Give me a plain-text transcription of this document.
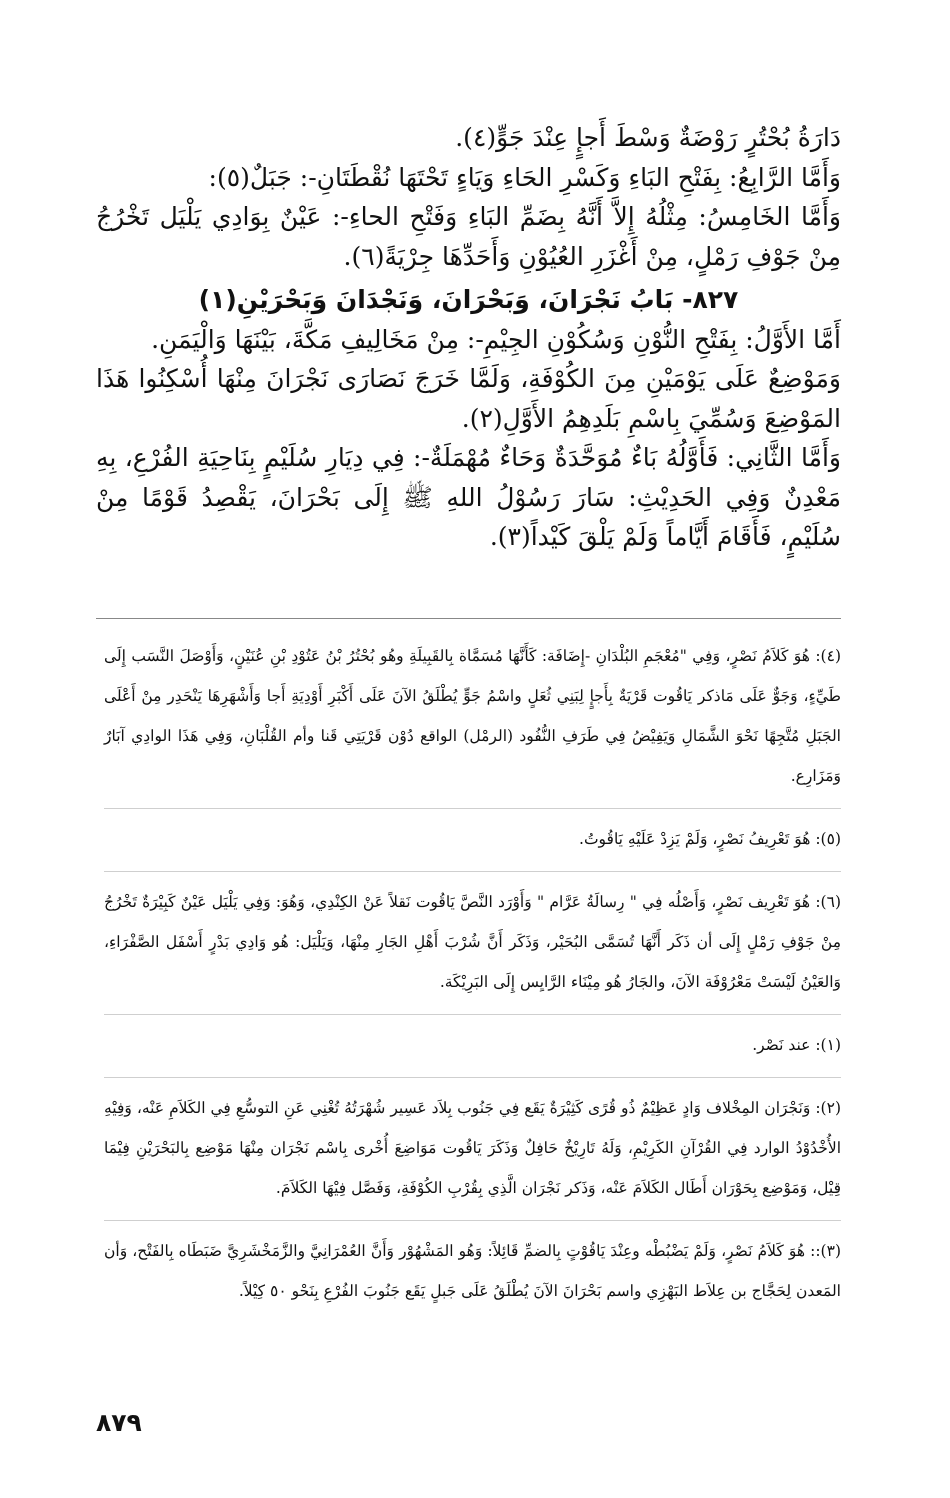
دَارَةُ بُحْتُرٍ رَوْضَةٌ وَسْطَ أَجإٍ عِنْدَ جَوٍّ(٤).

وَأَمَّا الرَّابِعُ: بِفَتْحِ البَاءِ وَكَسْرِ الحَاءِ وَيَاءٍ تَحْتَهَا نُقْطَتَانِ-: جَبَلٌ(٥):

وَأَمَّا الخَامِسُ: مِثْلُهُ إِلاَّ أَنَّهُ بِضَمِّ البَاءِ وَفَتْحِ الحاءِ-: عَيْنٌ بِوَادِي يَلْيَل تَخْرُجُ مِنْ جَوْفِ رَمْلٍ، مِنْ أَغْزَرِ العُيُوْنِ وَأَحَدِّهَا جِرْيَةً(٦).

٨٢٧- بَابُ نَجْرَانَ، وَبَحْرَانَ، وَنَجْدَانَ وَبَحْرَيْنِ(١)

أَمَّا الأَوَّلُ: بِفَتْحِ النُّوْنِ وَسُكُوْنِ الجِيْمِ-: مِنْ مَخَالِيفِ مَكَّةَ، بَيْنَهَا وَالْيَمَنِ.

وَمَوْضِعٌ عَلَى يَوْمَيْنِ مِنَ الكُوْفَةِ، وَلَمَّا خَرَجَ نَصَارَى نَجْرَانَ مِنْهَا أُسْكِنُوا هَذَا المَوْضِعَ وَسُمِّيَ بِاسْمِ بَلَدِهِمُ الأَوَّلِ(٢).

وَأَمَّا الثَّانِي: فَأَوَّلُهُ بَاءٌ مُوَحَّدَةٌ وَحَاءٌ مُهْمَلَةٌ-: فِي دِيَارِ سُلَيْمٍ بِنَاحِيَةِ الفُرْعِ، بِهِ مَعْدِنٌ وَفِي الحَدِيْثِ: سَارَ رَسُوْلُ اللهِ ﷺ إِلَى بَحْرَانَ، يَقْصِدُ قَوْمًا مِنْ سُلَيْمٍ، فَأَقَامَ أَيَّاماً وَلَمْ يَلْقَ كَيْداً(٣).

(٤): هُوَ كَلاَمُ نَصْرٍ، وَفِي "مُعْجَمِ البُلْدَانِ -إِضَافَة: كَأَنَّهَا مُسَمَّاة بِالقَبِيلَةِ وهُو بُحْتُرُ بْنُ عَتُوْدِ بْنِ عُنَيْنٍ، وَأَوْصَلَ النَّسَب إِلَى طَيِّءٍ، وَجَوٌّ عَلَى مَاذكر يَاقُوت قَرْيَةٌ بِأَجإٍ لِبَنِي ثُعَلٍ واسْمُ جَوٍّ يُطْلَقُ الآنَ عَلَى أَكْبَرِ أَوْدِيَةِ أَجا وَأَشْهَرِهَا يَنْحَدِر مِنْ أَعْلَى الجَبَلِ مُتَّجِهًا نَحْوَ الشَّمَالِ وَيَفِيْضُ فِي طَرَفِ النُّفُود (الرمْل) الواقع دُوْن قَرْيَتِي قَنا وأم القُلْبَانِ، وَفِي هَذَا الوادِي آبَارٌ وَمَزَارِع.

(٥): هُوَ تَعْرِيفُ نَصْرٍ، وَلَمْ يَزِدْ عَلَيْهِ يَاقُوتُ.

(٦): هُوَ تَعْرِيف نَصْرٍ، وَأَصْلُه فِي " رِسالَةُ عَرَّام " وَأَوْرَد النَّصَّ يَاقُوت نَقلاً عَنْ الكِنْدِي، وَهُوَ: وَفِي يَلْيَل عَيْنٌ كَبِيْرَةٌ تَخْرُجُ مِنْ جَوْفِ رَمْلٍ إِلَى أن ذَكَر أَنَّهَا تُسَمَّى البُحَيْر، وَذَكَر أَنَّ شُرْبَ أَهْلِ الجَارِ مِنْهَا، وَيَلْيَل: هُو وَادِي بَدْرٍ أَسْفَل الصَّفْرَاءِ، وَالعَيْنُ لَيْسَتْ مَعْرُوْفَة الآنَ، والجَارُ هُو مِيْنَاء الرَّايِس إِلَى البَرِيْكَة.

(١): عند نَصْر.

(٢): وَنَجْرَان المِخْلاف وَادٍ عَظِيْمٌ ذُو قُرًى كَثِيْرَةٌ يَقَع فِي جَنُوب بِلاَد عَسِير شُهْرَتُهُ تُغْنِي عَنِ التوسُّعِ فِي الكَلاَمِ عَنْه، وَفِيْهِ الأُخْدُوْدُ الوارد فِي القُرْآنِ الكَرِيْمِ، وَلَهُ تَارِيْخٌ حَافِلٌ وَذَكَرَ يَاقُوت مَوَاضِعَ أُخْرى بِاسْم نَجْرَان مِنْهَا مَوْضِع بِالبَحْرَيْنِ فِيْمَا قِيْل، وَمَوْضِع بِحَوْرَان أَطَال الكَلاَمَ عَنْه، وَذَكر نَجْرَان الَّذِي بِقُرْبِ الكُوْفَةِ، وَفَصَّل فِيْهَا الكَلاَمَ.

(٣):: هُوَ كَلاَمُ نَصْرٍ، وَلَمْ يَضْبُطْه وعِنْدَ يَاقُوْتٍ بِالضمِّ قَائِلاً: وَهُو المَشْهُوْر وَأَنَّ العُمْرَانِيَّ والزَّمَخْشَرِيَّ ضَبَطَاه بِالفَتْح، وَأن المَعدن لِحَجَّاج بن عِلاَط البَهْزِي واسم بَحْرَانَ الآنَ يُطْلَقُ عَلَى جَبلٍ يَقَع جَنُوبَ الفُرْعِ بِنَحْو ٥٠ كِيْلاً.

٨٧٩
